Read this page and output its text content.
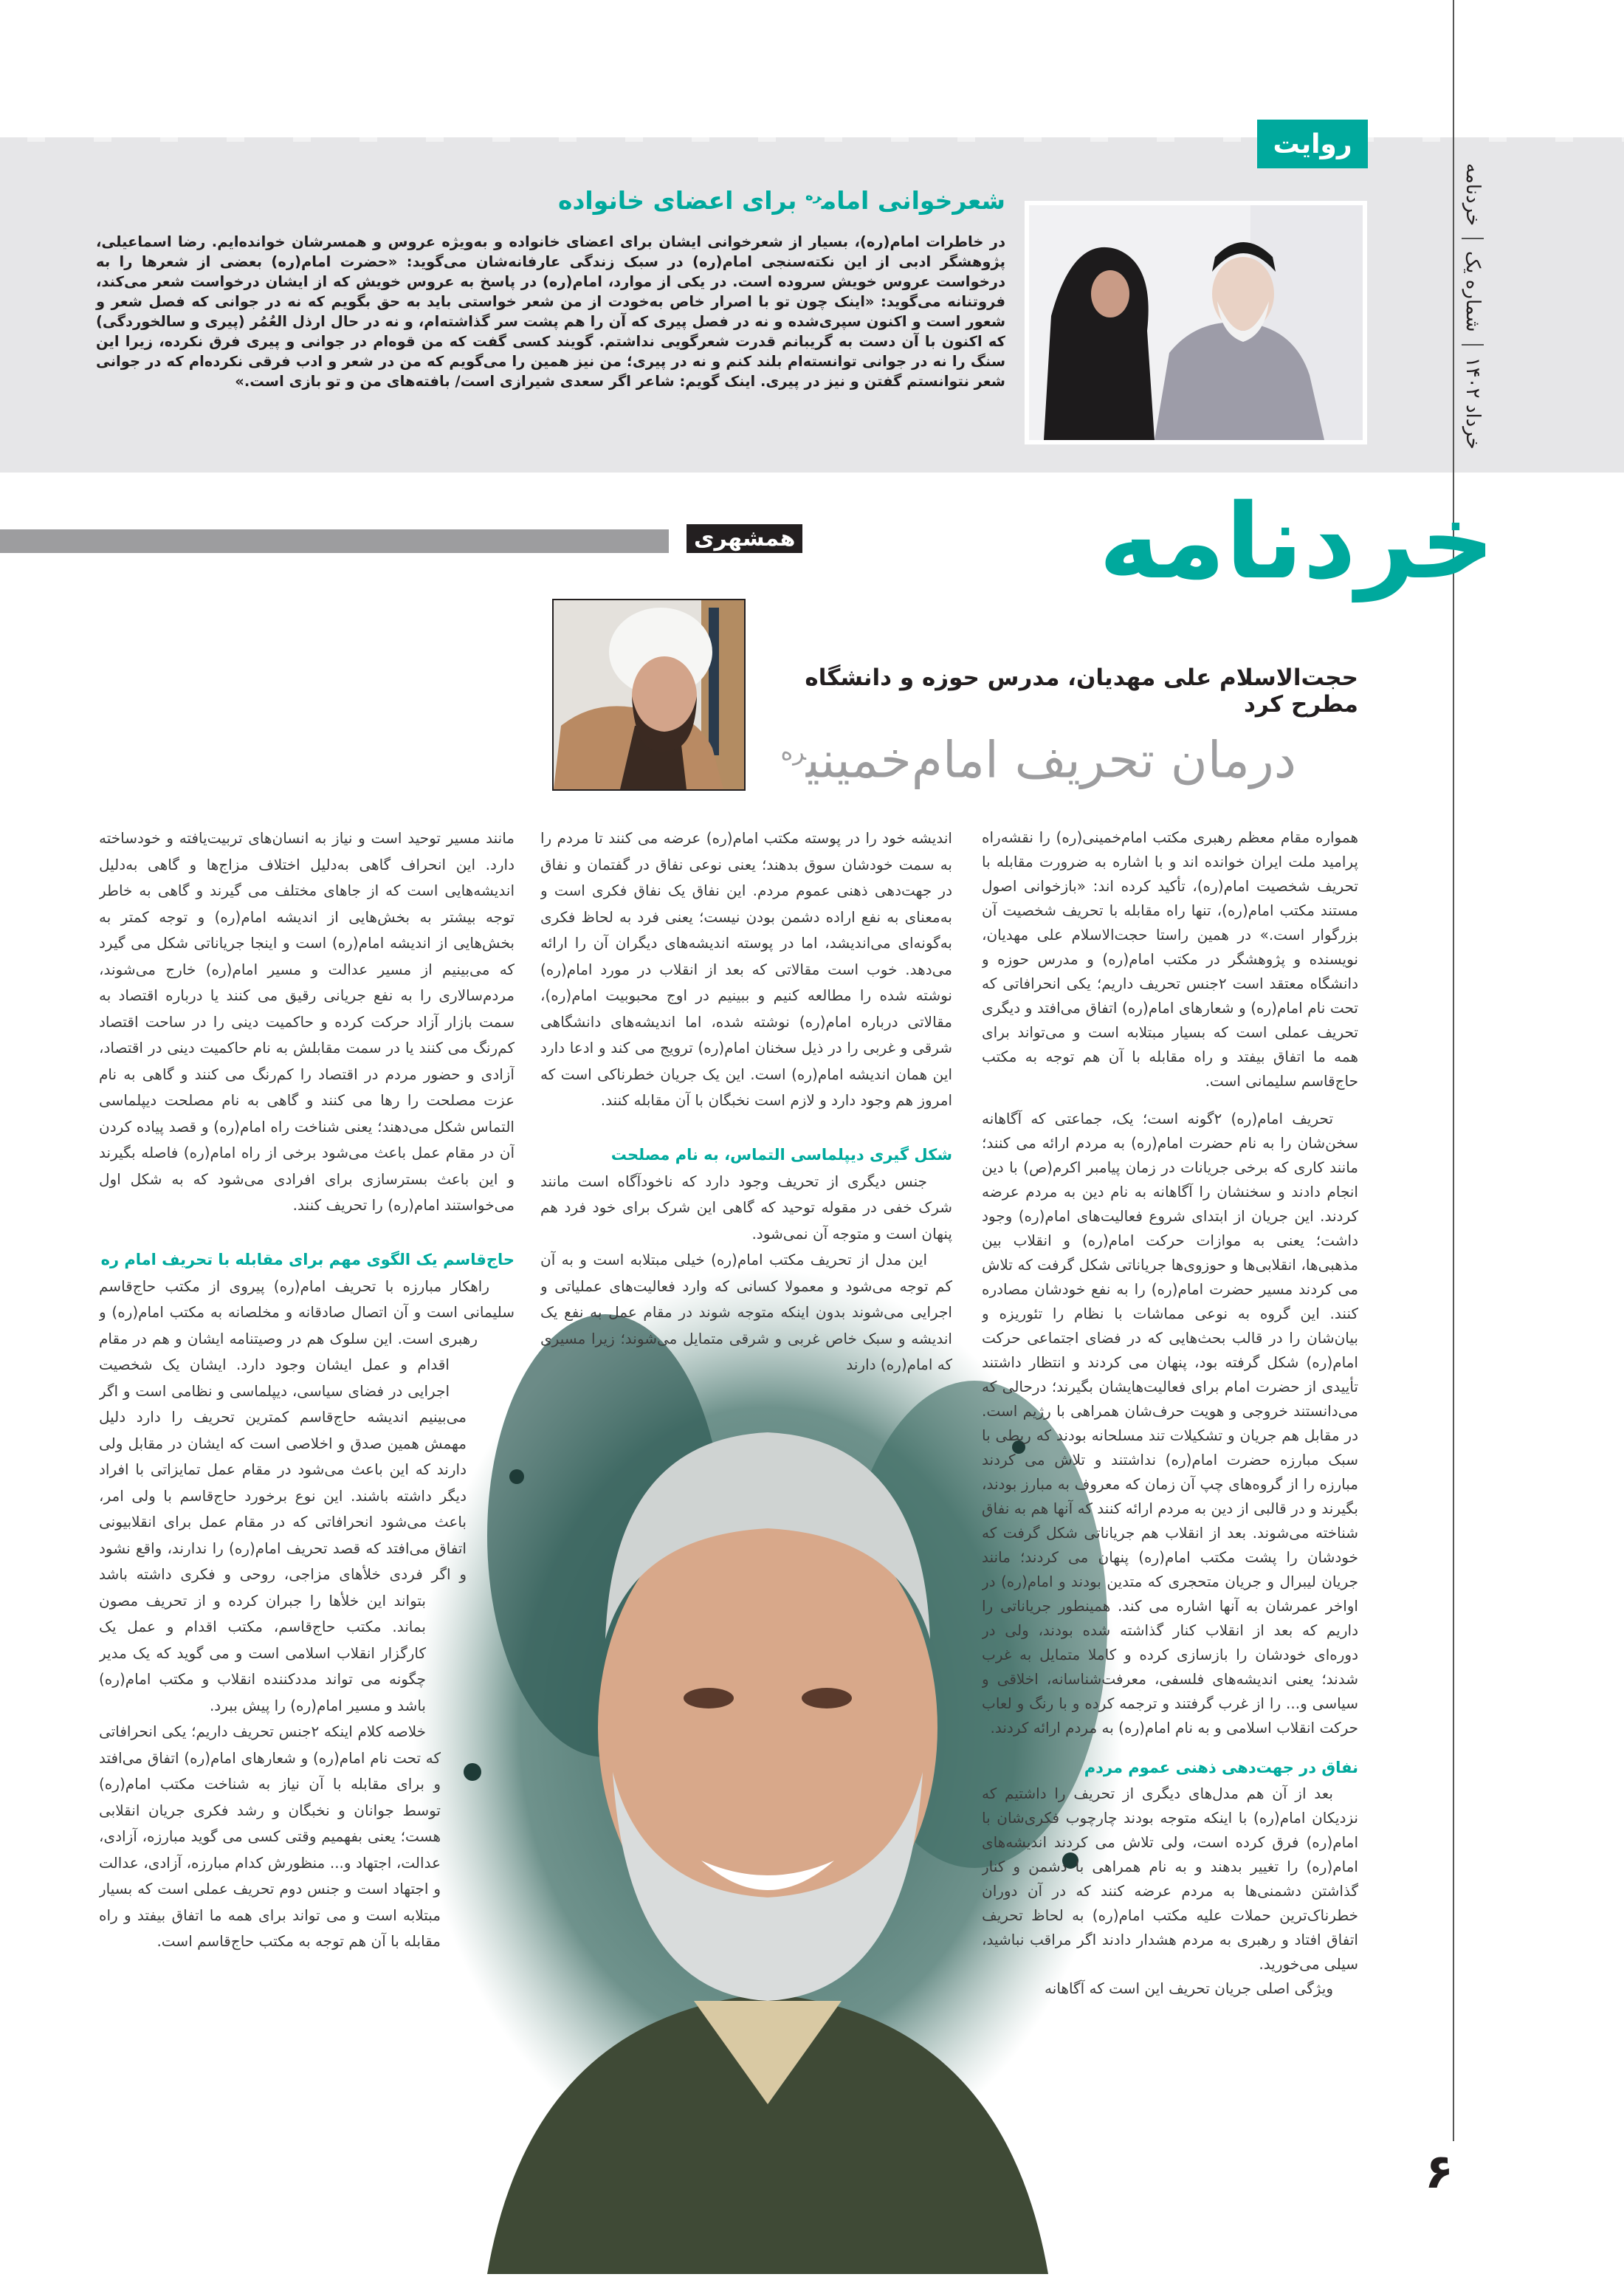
خردنامه
شماره یک
خرداد ۱۴۰۲
روایت
شعرخوانی امام$^{ره}$ برای اعضای خانواده
در خاطرات امام(ره)، بسیار از شعرخوانی ایشان برای اعضای خانواده و به‌ویژه عروس و همسرشان خوانده‌ایم. رضا اسماعیلی، پژوهشگر ادبی از این نکته‌سنجی امام(ره) در سبک زندگی عارفانه‌شان می‌گوید: «حضرت امام(ره) بعضی از شعرها را به درخواست عروس خویش سروده است. در یکی از موارد، امام(ره) در پاسخ به عروس خویش که از ایشان درخواست شعر می‌کند، فروتنانه می‌گوید: «اینک چون تو با اصرار خاص به‌خودت از من شعر خواستی باید به حق بگویم که نه در جوانی که فصل شعر و شعور است و اکنون سپری‌شده و نه در فصل پیری که آن را هم پشت سر گذاشته‌ام، و نه در حال ارذل العُمُر (پیری و سالخوردگی) که اکنون با آن دست به گریبانم قدرت شعرگویی نداشتم. گویند کسی گفت که من قوه‌ام در جوانی و پیری فرق نکرده، زیرا این سنگ را نه در جوانی توانسته‌ام بلند کنم و نه در پیری؛ من نیز همین را می‌گویم که من در شعر و ادب فرقی نکرده‌ام که در جوانی شعر نتوانستم گفتن و نیز در پیری. اینک گویم: شاعر اگر سعدی شیرازی است/ بافته‌های من و تو بازی است.»
خردنامه
همشهری
حجت‌الاسلام علی مهدیان، مدرس حوزه و دانشگاه مطرح کرد
درمان تحریف امام‌خمینی$^{ره}$

همواره مقام معظم رهبری مکتب امام‌خمینی(ره) را نقشه‌راه پرامید ملت ایران خوانده اند و با اشاره به ضرورت مقابله با تحریف شخصیت امام(ره)، تأکید کرده اند: «بازخوانی اصول مستند مکتب امام(ره)، تنها راه مقابله با تحریف شخصیت آن بزرگوار است.» در همین راستا حجت‌الاسلام علی مهدیان، نویسنده و پژوهشگر در مکتب امام(ره) و مدرس حوزه و دانشگاه معتقد است ۲جنس تحریف داریم؛ یکی انحرافاتی که تحت نام امام(ره) و شعارهای امام(ره) اتفاق می‌افتد و دیگری تحریف عملی است که بسیار مبتلابه است و می‌تواند برای همه ما اتفاق بیفتد و راه مقابله با آن هم توجه به مکتب حاج‌قاسم سلیمانی است.

تحریف امام(ره) ۲گونه است؛ یک، جماعتی که آگاهانه سخن‌شان را به نام حضرت امام(ره) به مردم ارائه می کنند؛ مانند کاری که برخی جریانات در زمان پیامبر اکرم(ص) با دین انجام دادند و سخنشان را آگاهانه به نام دین به مردم عرضه کردند. این جریان از ابتدای شروع فعالیت‌های امام(ره) وجود داشت؛ یعنی به موازات حرکت امام(ره) و انقلاب بین مذهبی‌ها، انقلابی‌ها و حوزوی‌ها جریاناتی شکل گرفت که تلاش می کردند مسیر حضرت امام(ره) را به نفع خودشان مصادره کنند. این گروه به نوعی مماشات با نظام را تئوریزه و بیان‌شان را در قالب بحث‌هایی که در فضای اجتماعی حرکت امام(ره) شکل گرفته بود، پنهان می کردند و انتظار داشتند تأییدی از حضرت امام برای فعالیت‌هایشان بگیرند؛ درحالی که می‌دانستند خروجی و هویت حرف‌شان همراهی با رژیم است. در مقابل هم جریان و تشکیلات تند مسلحانه بودند که ربطی با سبک مبارزه حضرت امام(ره) نداشتند و تلاش می کردند مبارزه را از گروه‌های چپ آن زمان که معروف به مبارز بودند، بگیرند و در قالبی از دین به مردم ارائه کنند که آنها هم به نفاق شناخته می‌شوند. بعد از انقلاب هم جریاناتی شکل گرفت که خودشان را پشت مکتب امام(ره) پنهان می کردند؛ مانند جریان لیبرال و جریان متحجری که متدین بودند و امام(ره) در اواخر عمرشان به آنها اشاره می کند. همینطور جریاناتی را داریم که بعد از انقلاب کنار گذاشته شده بودند، ولی در دوره‌ای خودشان را بازسازی کرده و کاملا متمایل به غرب شدند؛ یعنی اندیشه‌های فلسفی، معرفت‌شناسانه، اخلاقی و سیاسی و... را از غرب گرفتند و ترجمه کرده و با رنگ و لعاب حرکت انقلاب اسلامی و به نام امام(ره) به مردم ارائه کردند.

نفاق در جهت‌دهی ذهنی عموم مردم

بعد از آن هم مدل‌های دیگری از تحریف را داشتیم که نزدیکان امام(ره) با اینکه متوجه بودند چارچوب فکری‌شان با امام(ره) فرق کرده است، ولی تلاش می کردند اندیشه‌های امام(ره) را تغییر بدهند و به نام همراهی با دشمن و کنار گذاشتن دشمنی‌ها به مردم عرضه کنند که در آن دوران خطرناک‌ترین حملات علیه مکتب امام(ره) به لحاظ تحریف اتفاق افتاد و رهبری به مردم هشدار دادند اگر مراقب نباشید، سیلی می‌خورید.

ویژگی اصلی جریان تحریف این است که آگاهانه

اندیشه خود را در پوسته مکتب امام(ره) عرضه می کنند تا مردم را به سمت خودشان سوق بدهند؛ یعنی نوعی نفاق در گفتمان و نفاق در جهت‌دهی ذهنی عموم مردم. این نفاق یک نفاق فکری است و به‌معنای به نفع اراده دشمن بودن نیست؛ یعنی فرد به لحاظ فکری به‌گونه‌ای می‌اندیشد، اما در پوسته اندیشه‌های دیگران آن را ارائه می‌دهد. خوب است مقالاتی که بعد از انقلاب در مورد امام(ره) نوشته شده را مطالعه کنیم و ببینیم در اوج محبوبیت امام(ره)، مقالاتی درباره امام(ره) نوشته شده، اما اندیشه‌های دانشگاهی شرقی و غربی را در ذیل سخنان امام(ره) ترویج می کند و ادعا دارد این همان اندیشه امام(ره) است. این یک جریان خطرناکی است که امروز هم وجود دارد و لازم است نخبگان با آن مقابله کنند.

شکل گیری دیپلماسی التماس، به نام مصلحت

جنس دیگری از تحریف وجود دارد که ناخودآگاه است مانند شرک خفی در مقوله توحید که گاهی این شرک برای خود فرد هم پنهان است و متوجه آن نمی‌شود.

این مدل از تحریف مکتب امام(ره) خیلی مبتلابه است و به آن کم توجه می‌شود و معمولا کسانی که وارد فعالیت‌های عملیاتی و اجرایی می‌شوند بدون اینکه متوجه شوند در مقام عمل به نفع یک اندیشه و سبک خاص غربی و شرقی متمایل می‌شوند؛ زیرا مسیری که امام(ره) دارند

مانند مسیر توحید است و نیاز به انسان‌های تربیت‌یافته و خودساخته دارد. این انحراف گاهی به‌دلیل اختلاف مزاج‌ها و گاهی به‌دلیل اندیشه‌هایی است که از جاهای مختلف می گیرند و گاهی به خاطر توجه بیشتر به بخش‌هایی از اندیشه امام(ره) و توجه کمتر به بخش‌هایی از اندیشه امام(ره) است و اینجا جریاناتی شکل می گیرد که می‌بینیم از مسیر عدالت و مسیر امام(ره) خارج می‌شوند، مردم‌سالاری را به نفع جریانی رقیق می کنند یا درباره اقتصاد به سمت بازار آزاد حرکت کرده و حاکمیت دینی را در ساحت اقتصاد کم‌رنگ می کنند یا در سمت مقابلش به نام حاکمیت دینی در اقتصاد، آزادی و حضور مردم در اقتصاد را کم‌رنگ می کنند و گاهی به نام عزت مصلحت را رها می کنند و گاهی به نام مصلحت دیپلماسی التماس شکل می‌دهند؛ یعنی شناخت راه امام(ره) و قصد پیاده کردن آن در مقام عمل باعث می‌شود برخی از راه امام(ره) فاصله بگیرند و این باعث بسترسازی برای افرادی می‌شود که به شکل اول می‌خواستند امام(ره) را تحریف کنند.

حاج‌قاسم یک الگوی مهم برای مقابله با تحریف امام ره

راهکار مبارزه با تحریف امام(ره) پیروی از مکتب حاج‌قاسم سلیمانی است و آن اتصال صادقانه و مخلصانه به مکتب امام(ره) و رهبری است. این سلوک هم در وصیتنامه ایشان و هم در مقام اقدام و عمل ایشان وجود دارد. ایشان یک شخصیت اجرایی در فضای سیاسی، دیپلماسی و نظامی است و اگر می‌بینیم اندیشه حاج‌قاسم کمترین تحریف را دارد دلیل مهمش همین صدق و اخلاصی است که ایشان در مقابل ولی دارند که این باعث می‌شود در مقام عمل تمایزاتی با افراد دیگر داشته باشند. این نوع برخورد حاج‌قاسم با ولی امر، باعث می‌شود انحرافاتی که در مقام عمل برای انقلابیونی اتفاق می‌افتد که قصد تحریف امام(ره) را ندارند، واقع نشود و اگر فردی خلأهای مزاجی، روحی و فکری داشته باشد بتواند این خلأها را جبران کرده و از تحریف مصون بماند. مکتب حاج‌قاسم، مکتب اقدام و عمل یک کارگزار انقلاب اسلامی است و می گوید که یک مدیر چگونه می تواند مددکننده انقلاب و مکتب امام(ره) باشد و مسیر امام(ره) را پیش ببرد.

خلاصه کلام اینکه ۲جنس تحریف داریم؛ یکی انحرافاتی که تحت نام امام(ره) و شعارهای امام(ره) اتفاق می‌افتد و برای مقابله با آن نیاز به شناخت مکتب امام(ره) توسط جوانان و نخبگان و رشد فکری جریان انقلابی هست؛ یعنی بفهمیم وقتی کسی می گوید مبارزه، آزادی، عدالت، اجتهاد و... منظورش کدام مبارزه، آزادی، عدالت و اجتهاد است و جنس دوم تحریف عملی است که بسیار مبتلابه است و می تواند برای همه ما اتفاق بیفتد و راه مقابله با آن هم توجه به مکتب حاج‌قاسم است.

۶
